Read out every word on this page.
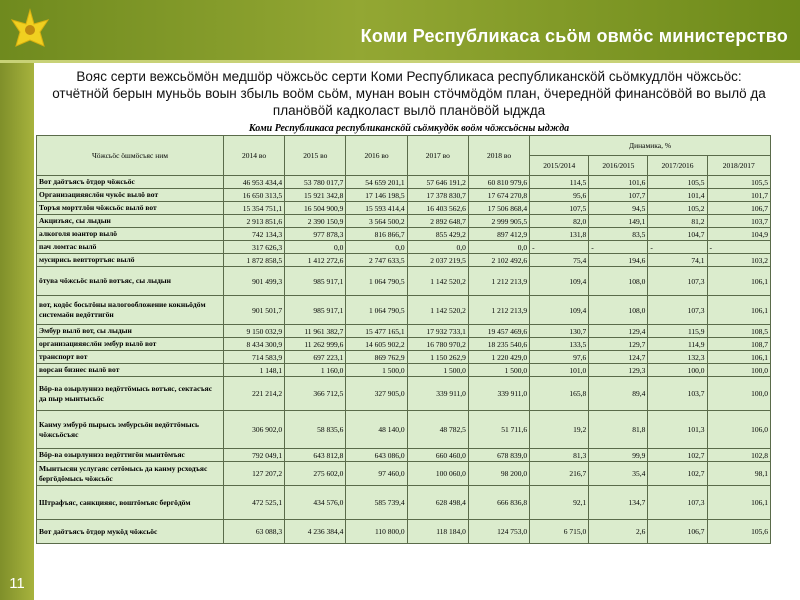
Коми Республикаса сьӧм овмӧс министерство
Вояс серти вежсьӧмӧн медшӧр чӧжсьӧс серти Коми Республикаса республиканскӧй сьӧмкудлӧн чӧжсьӧс: отчётнӧй берын муньӧь воын збыль воӧм сьӧм, мунан воын стӧчмӧдӧм план, ӧчереднӧй финансӧвӧй во вылӧ да планӧвӧй кадколаст вылӧ планӧвӧй ыджда
Коми Республикаса республиканскӧй сьӧмкудӧк воӧм чӧжсьӧсны ыджда
Чӧжсьӧс ӧшмӧсъяс ним	2014 во	2015 во	2016 во	2017 во	2018 во	Динамика, %			
						2015/2014	2016/2015	2017/2016	2018/2017
Вот даӧтъясъ ӧтдор чӧжсьӧс	46 953 434,4	53 780 017,7	54 659 201,1	57 646 191,2	60 810 979,6	114,5	101,6	105,5	105,5
Организацияяслӧн чукӧс вылӧ вот	16 650 313,5	15 921 342,8	17 146 198,5	17 378 830,7	17 674 270,8	95,6	107,7	101,4	101,7
Торъя морттлӧн чӧжсьӧс вылӧ вот	15 354 751,1	16 504 900,9	15 593 414,4	16 403 562,6	17 506 868,4	107,5	94,5	105,2	106,7
Акцизъяс, сы лыдын	2 913 851,6	2 390 150,9	3 564 500,2	2 892 648,7	2 999 905,5	82,0	149,1	81,2	103,7
алкоголя юантор вылӧ	742 134,3	977 878,3	816 866,7	855 429,2	897 412,9	131,8	83,5	104,7	104,9
пач ломтас вылӧ	317 626,3	0,0	0,0	0,0	0,0	-	-	-	-
мусирись вевттортъяс вылӧ	1 872 858,5	1 412 272,6	2 747 633,5	2 037 219,5	2 102 492,6	75,4	194,6	74,1	103,2
ӧтува чӧжсьӧс вылӧ вотъяс, сы лыдын	901 499,3	985 917,1	1 064 790,5	1 142 520,2	1 212 213,9	109,4	108,0	107,3	106,1
вот, кодӧс босьтӧны налогообложение кокньӧдӧм системаӧн ведӧттигӧн	901 501,7	985 917,1	1 064 790,5	1 142 520,2	1 212 213,9	109,4	108,0	107,3	106,1
Эмбур вылӧ вот, сы лыдын	9 150 032,9	11 961 382,7	15 477 165,1	17 932 733,1	19 457 469,6	130,7	129,4	115,9	108,5
организацияяслӧн эмбур вылӧ вот	8 434 300,9	11 262 999,6	14 605 902,2	16 780 970,2	18 235 540,6	133,5	129,7	114,9	108,7
транспорт вот	714 583,9	697 223,1	869 762,9	1 150 262,9	1 220 429,0	97,6	124,7	132,3	106,1
ворсан бизнес вылӧ вот	1 148,1	1 160,0	1 500,0	1 500,0	1 500,0	101,0	129,3	100,0	100,0
Вӧр-ва озырлуннэз ведӧттӧмысь вотъяс, сектасъяс да пыр мынтысьӧс	221 214,2	366 712,5	327 905,0	339 911,0	339 911,0	165,8	89,4	103,7	100,0
Канму эмбурӧ пырысь эмбурсьӧн ведӧттӧмысь чӧжсьӧсъяс	306 902,0	58 835,6	48 140,0	48 782,5	51 711,6	19,2	81,8	101,3	106,0
Вӧр-ва озырлуннэз ведӧттигӧн мынтӧмъяс	792 049,1	643 812,8	643 086,0	660 460,0	678 839,0	81,3	99,9	102,7	102,8
Мынтысян услугаяс сетӧмысь да канму рсходъяс бергӧдӧмысь чӧжсьӧс	127 207,2	275 602,0	97 460,0	100 060,0	98 200,0	216,7	35,4	102,7	98,1
Штрафъяс, санкцияяс, воштӧмъяс бергӧдӧм	472 525,1	434 576,0	585 739,4	628 498,4	666 836,8	92,1	134,7	107,3	106,1
Вот даӧтъясъ ӧтдор мукӧд чӧжсьӧс	63 088,3	4 236 384,4	110 800,0	118 184,0	124 753,0	6 715,0	2,6	106,7	105,6
11
